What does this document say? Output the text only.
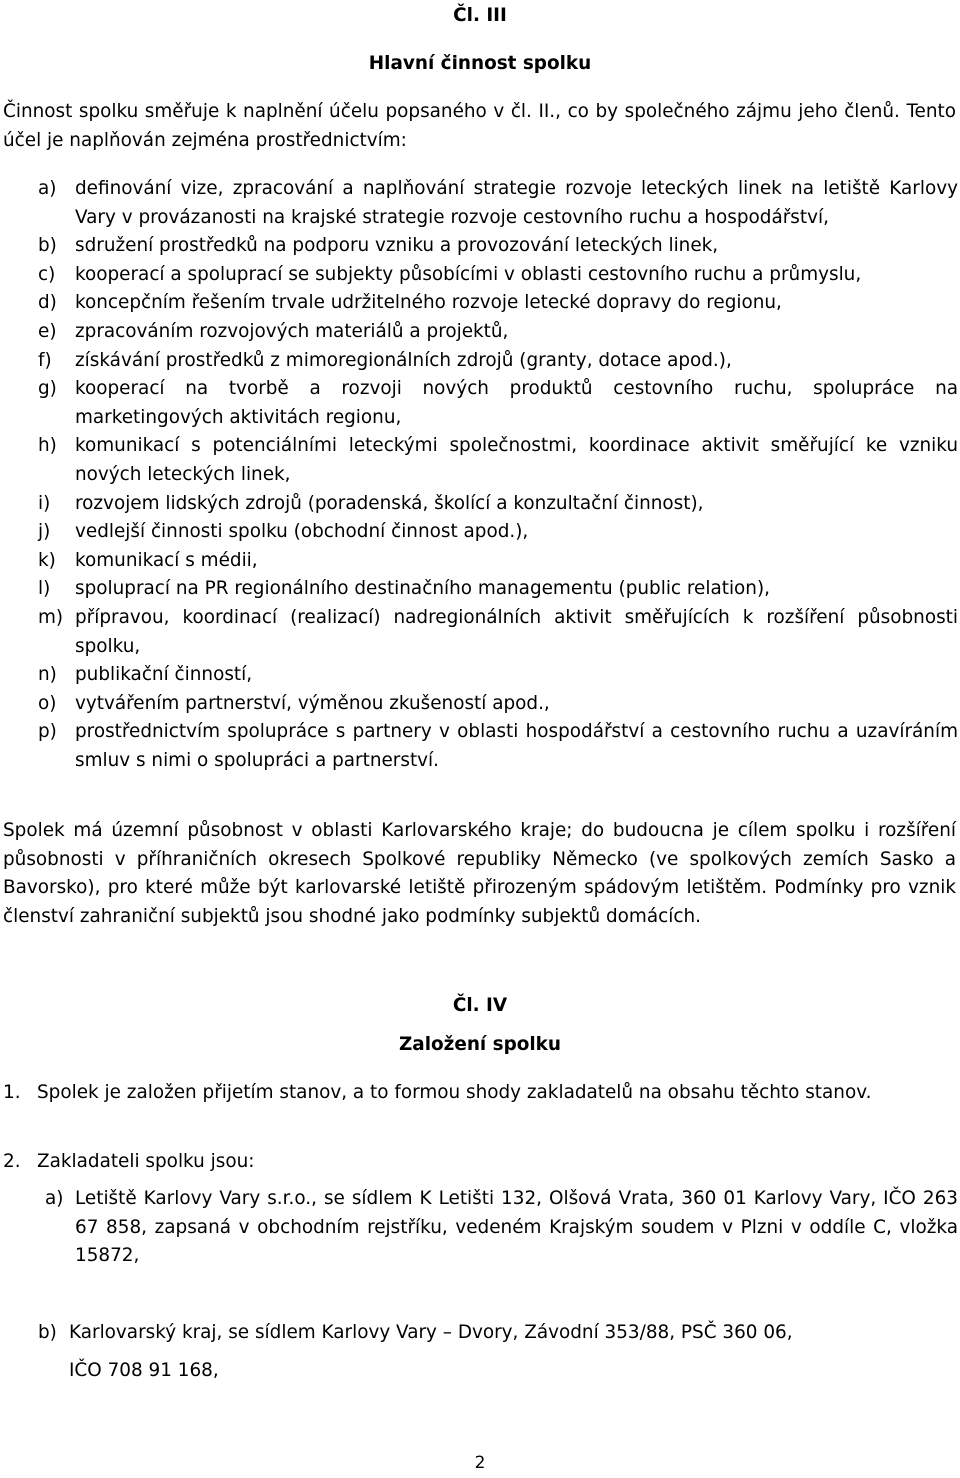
Čl. III
Hlavní činnost spolku
Činnost spolku směřuje k naplnění účelu popsaného v čl. II., co by společného zájmu jeho členů. Tento účel je naplňován zejména prostřednictvím:
a) definování vize, zpracování a naplňování strategie rozvoje leteckých linek na letiště Karlovy Vary v provázanosti na krajské strategie rozvoje cestovního ruchu a hospodářství,
b) sdružení prostředků na podporu vzniku a provozování leteckých linek,
c) kooperací a spoluprací se subjekty působícími v oblasti cestovního ruchu a průmyslu,
d) koncepčním řešením trvale udržitelného rozvoje letecké dopravy do regionu,
e) zpracováním rozvojových materiálů a projektů,
f) získávání prostředků z mimoregionálních zdrojů (granty, dotace apod.),
g) kooperací na tvorbě a rozvoji nových produktů cestovního ruchu, spolupráce na marketingových aktivitách regionu,
h) komunikací s potenciálními leteckými společnostmi, koordinace aktivit směřující ke vzniku nových leteckých linek,
i) rozvojem lidských zdrojů (poradenská, školící a konzultační činnost),
j) vedlejší činnosti spolku (obchodní činnost apod.),
k) komunikací s médii,
l) spoluprací na PR regionálního destinačního managementu (public relation),
m) přípravou, koordinací (realizací) nadregionálních aktivit směřujících k rozšíření působnosti spolku,
n) publikační činností,
o) vytvářením partnerství, výměnou zkušeností apod.,
p) prostřednictvím spolupráce s partnery v oblasti hospodářství a cestovního ruchu a uzavíráním smluv s nimi o spolupráci a partnerství.
Spolek má územní působnost v oblasti Karlovarského kraje; do budoucna je cílem spolku i rozšíření působnosti v příhraničních okresech Spolkové republiky Německo (ve spolkových zemích Sasko a Bavorsko), pro které může být karlovarské letiště přirozeným spádovým letištěm. Podmínky pro vznik členství zahraniční subjektů jsou shodné jako podmínky subjektů domácích.
Čl. IV
Založení spolku
1. Spolek je založen přijetím stanov, a to formou shody zakladatelů na obsahu těchto stanov.
2. Zakladateli spolku jsou:
a) Letiště Karlovy Vary s.r.o., se sídlem K Letišti 132, Olšová Vrata, 360 01 Karlovy Vary, IČO 263 67 858, zapsaná v obchodním rejstříku, vedeném Krajským soudem v Plzni v oddíle C, vložka 15872,
b) Karlovarský kraj, se sídlem Karlovy Vary – Dvory, Závodní 353/88, PSČ 360 06,
IČO 708 91 168,
2
